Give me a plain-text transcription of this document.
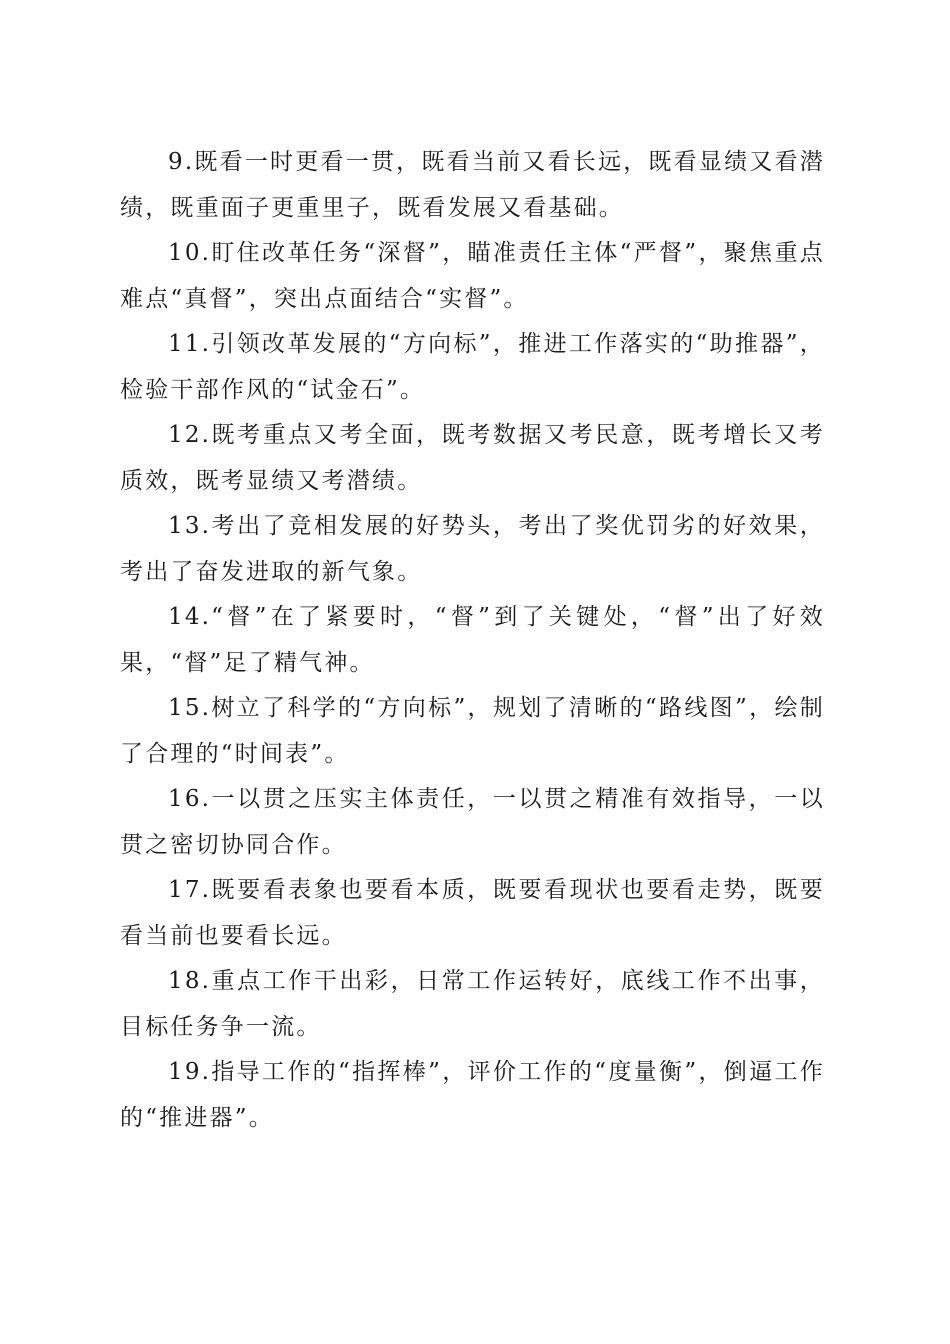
9.既看一时更看一贯，既看当前又看长远，既看显绩又看潜绩，既重面子更重里子，既看发展又看基础。

10.盯住改革任务“深督”，瞄准责任主体“严督”，聚焦重点难点“真督”，突出点面结合“实督”。

11.引领改革发展的“方向标”，推进工作落实的“助推器”，检验干部作风的“试金石”。

12.既考重点又考全面，既考数据又考民意，既考增长又考质效，既考显绩又考潜绩。

13.考出了竞相发展的好势头，考出了奖优罚劣的好效果，考出了奋发进取的新气象。

14.“督”在了紧要时，“督”到了关键处，“督”出了好效果，“督”足了精气神。

15.树立了科学的“方向标”，规划了清晰的“路线图”，绘制了合理的“时间表”。

16.一以贯之压实主体责任，一以贯之精准有效指导，一以贯之密切协同合作。

17.既要看表象也要看本质，既要看现状也要看走势，既要看当前也要看长远。

18.重点工作干出彩，日常工作运转好，底线工作不出事，目标任务争一流。

19.指导工作的“指挥棒”，评价工作的“度量衡”，倒逼工作的“推进器”。
